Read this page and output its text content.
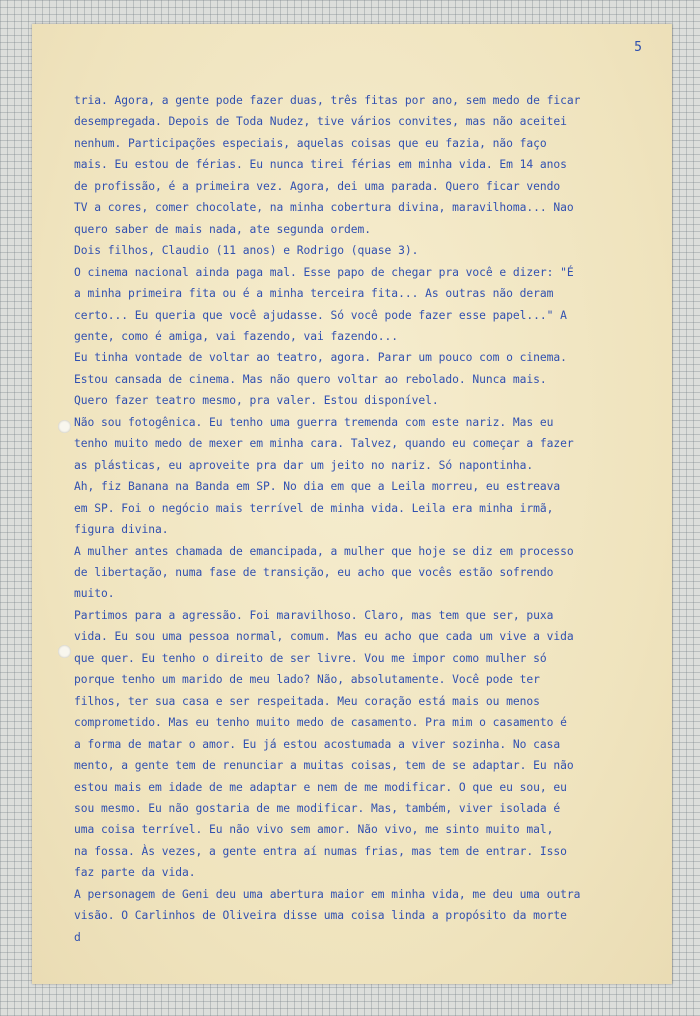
5
tria. Agora, a gente pode fazer duas, três fitas por ano, sem medo de ficar
desempregada. Depois de Toda Nudez, tive vários convites, mas não aceitei
nenhum. Participações especiais, aquelas coisas que eu fazia, não faço
mais. Eu estou de férias. Eu nunca tirei férias em minha vida. Em 14 anos
de profissão, é a primeira vez. Agora, dei uma parada. Quero ficar vendo
TV a cores, comer chocolate, na minha cobertura divina, maravilhoma... Nao
quero saber de mais nada, ate segunda ordem.
Dois filhos, Claudio (11 anos) e Rodrigo (quase 3).
O cinema nacional ainda paga mal. Esse papo de chegar pra você e dizer: "É
a minha primeira fita ou é a minha terceira fita... As outras não deram
certo... Eu queria que você ajudasse. Só você pode fazer esse papel..." A
gente, como é amiga, vai fazendo, vai fazendo...
Eu tinha vontade de voltar ao teatro, agora. Parar um pouco com o cinema.
Estou cansada de cinema. Mas não quero voltar ao rebolado. Nunca mais.
Quero fazer teatro mesmo, pra valer. Estou disponível.
Não sou fotogênica. Eu tenho uma guerra tremenda com este nariz. Mas eu
tenho muito medo de mexer em minha cara. Talvez, quando eu começar a fazer
as plásticas, eu aproveite pra dar um jeito no nariz. Só napontinha.
Ah, fiz Banana na Banda em SP. No dia em que a Leila morreu, eu estreava
em SP. Foi o negócio mais terrível de minha vida. Leila era minha irmã,
figura divina.
A mulher antes chamada de emancipada, a mulher que hoje se diz em processo
de libertação, numa fase de transição, eu acho que vocês estão sofrendo
muito.
Partimos para a agressão. Foi maravilhoso. Claro, mas tem que ser, puxa
vida. Eu sou uma pessoa normal, comum. Mas eu acho que cada um vive a vida
que quer. Eu tenho o direito de ser livre. Vou me impor como mulher só
porque tenho um marido de meu lado? Não, absolutamente. Você pode ter
filhos, ter sua casa e ser respeitada. Meu coração está mais ou menos
comprometido. Mas eu tenho muito medo de casamento. Pra mim o casamento é
a forma de matar o amor. Eu já estou acostumada a viver sozinha. No casa
mento, a gente tem de renunciar a muitas coisas, tem de se adaptar. Eu não
estou mais em idade de me adaptar e nem de me modificar. O que eu sou, eu
sou mesmo. Eu não gostaria de me modificar. Mas, também, viver isolada é
uma coisa terrível. Eu não vivo sem amor. Não vivo, me sinto muito mal,
na fossa. Às vezes, a gente entra aí numas frias, mas tem de entrar. Isso
faz parte da vida.
A personagem de Geni deu uma abertura maior em minha vida, me deu uma outra
visão. O Carlinhos de Oliveira disse uma coisa linda a propósito da morte
d
